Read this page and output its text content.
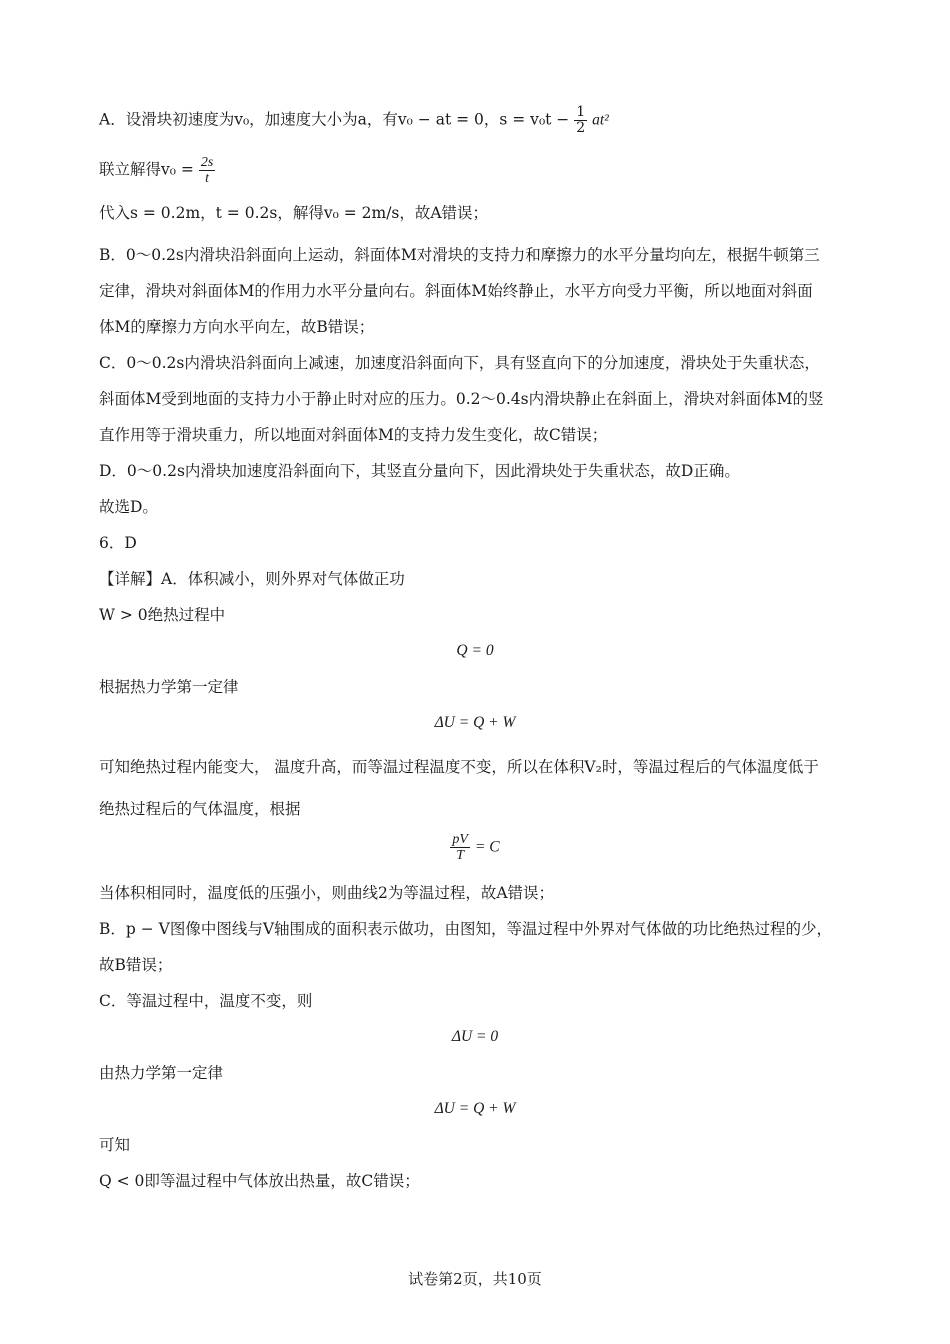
A．设滑块初速度为v₀，加速度大小为a，有v₀ − at = 0，$s = v_0t - \frac{1}{2} at^2$
联立解得$v_0 = \frac{2s}{t}$
代入s = 0.2m，t = 0.2s，解得v₀ = 2m/s，故A错误；
B．0～0.2s内滑块沿斜面向上运动，斜面体M对滑块的支持力和摩擦力的水平分量均向左，根据牛顿第三
定律，滑块对斜面体M的作用力水平分量向右。斜面体M始终静止，水平方向受力平衡，所以地面对斜面
体M的摩擦力方向水平向左，故B错误；
C．0～0.2s内滑块沿斜面向上减速，加速度沿斜面向下，具有竖直向下的分加速度，滑块处于失重状态，
斜面体M受到地面的支持力小于静止时对应的压力。0.2～0.4s内滑块静止在斜面上，滑块对斜面体M的竖
直作用等于滑块重力，所以地面对斜面体M的支持力发生变化，故C错误；
D．0～0.2s内滑块加速度沿斜面向下，其竖直分量向下，因此滑块处于失重状态，故D正确。
故选D。
6．D
【详解】A．体积减小，则外界对气体做正功
W > 0绝热过程中
Q = 0
根据热力学第一定律
ΔU = Q + W
可知绝热过程内能变大， 温度升高，而等温过程温度不变，所以在体积V₂时，等温过程后的气体温度低于
绝热过程后的气体温度，根据
$\frac{pV}{T} = C$
当体积相同时，温度低的压强小，则曲线2为等温过程，故A错误；
B．p − V图像中图线与V轴围成的面积表示做功，由图知，等温过程中外界对气体做的功比绝热过程的少，
故B错误；
C．等温过程中，温度不变，则
ΔU = 0
由热力学第一定律
ΔU = Q + W
可知
Q < 0即等温过程中气体放出热量，故C错误；
试卷第2页，共10页
